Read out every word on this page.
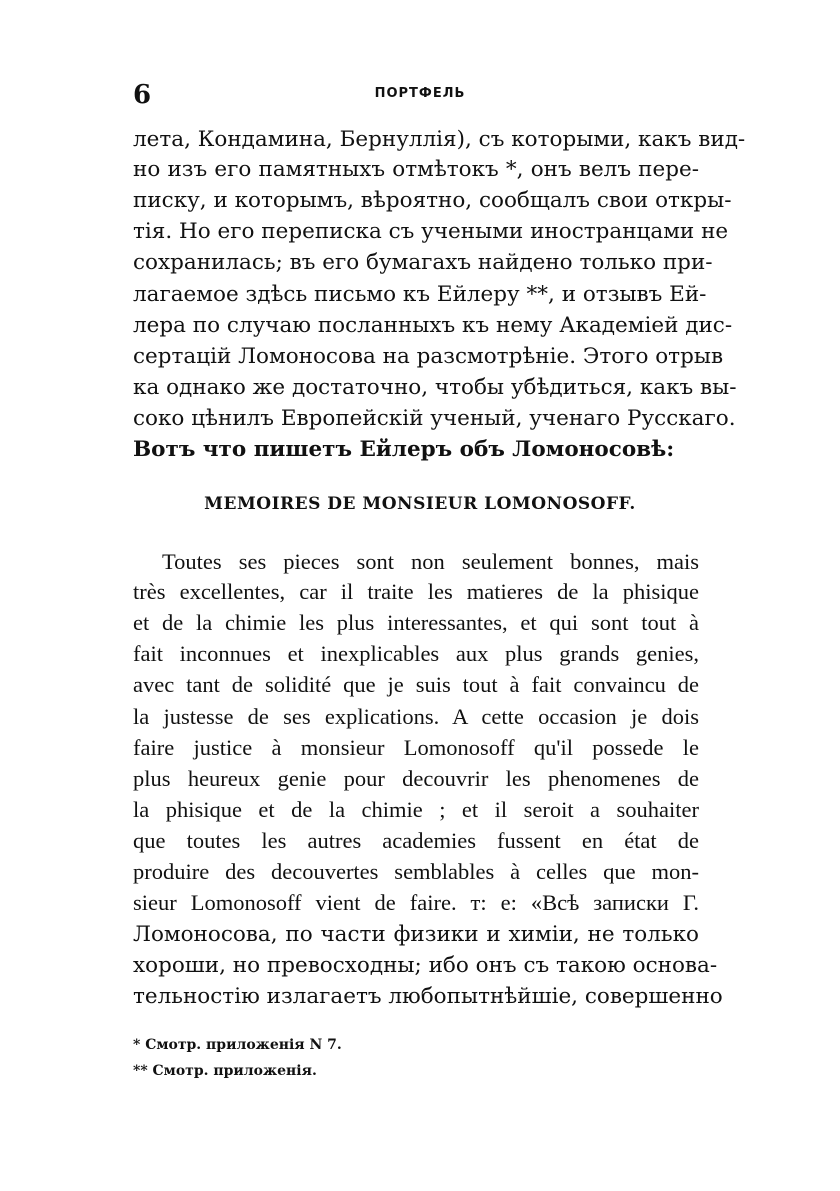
6	ПОРТФЕЛЬ
лета, Кондамина, Бернуллія), съ которыми, какъ вид-
но изъ его памятныхъ отмѣтокъ *, онъ велъ пере-
писку, и которымъ, вѣроятно, сообщалъ свои откры-
тія. Но его переписка съ учеными иностранцами не
сохранилась; въ его бумагахъ найдено только при-
лагаемое здѣсь письмо къ Ейлеру **, и отзывъ Ей-
лера по случаю посланныхъ къ нему Академіей дис-
сертацій Ломоносова на разсмотрѣніе. Этого отрыв
ка однако же достаточно, чтобы убѣдиться, какъ вы-
соко цѣнилъ Европейскій ученый, ученаго Русскаго.
Вотъ что пишетъ Ейлеръ объ Ломоносовѣ:
MEMOIRES DE MONSIEUR LOMONOSOFF.
Toutes ses pieces sont non seulement bonnes, mais
très excellentes, car il traite les matieres de la phisique
et de la chimie les plus interessantes, et qui sont tout à
fait inconnues et inexplicables aux plus grands genies,
avec tant de solidité que je suis tout à fait convaincu de
la justesse de ses explications. A cette occasion je dois
faire justice à monsieur Lomonosoff qu'il possede le
plus heureux genie pour decouvrir les phenomenes de
la phisique et de la chimie ; et il seroit a souhaiter
que toutes les autres academies fussent en état de
produire des decouvertes semblables à celles que mon-
sieur Lomonosoff vient de faire. т: е: «Всѣ записки Г.
Ломоносова, по части физики и химіи, не только
хороши, но превосходны; ибо онъ съ такою основа-
тельностію излагаетъ любопытнѣйшіе, совершенно
* Смотр. приложенія N 7.
** Смотр. приложенія.
